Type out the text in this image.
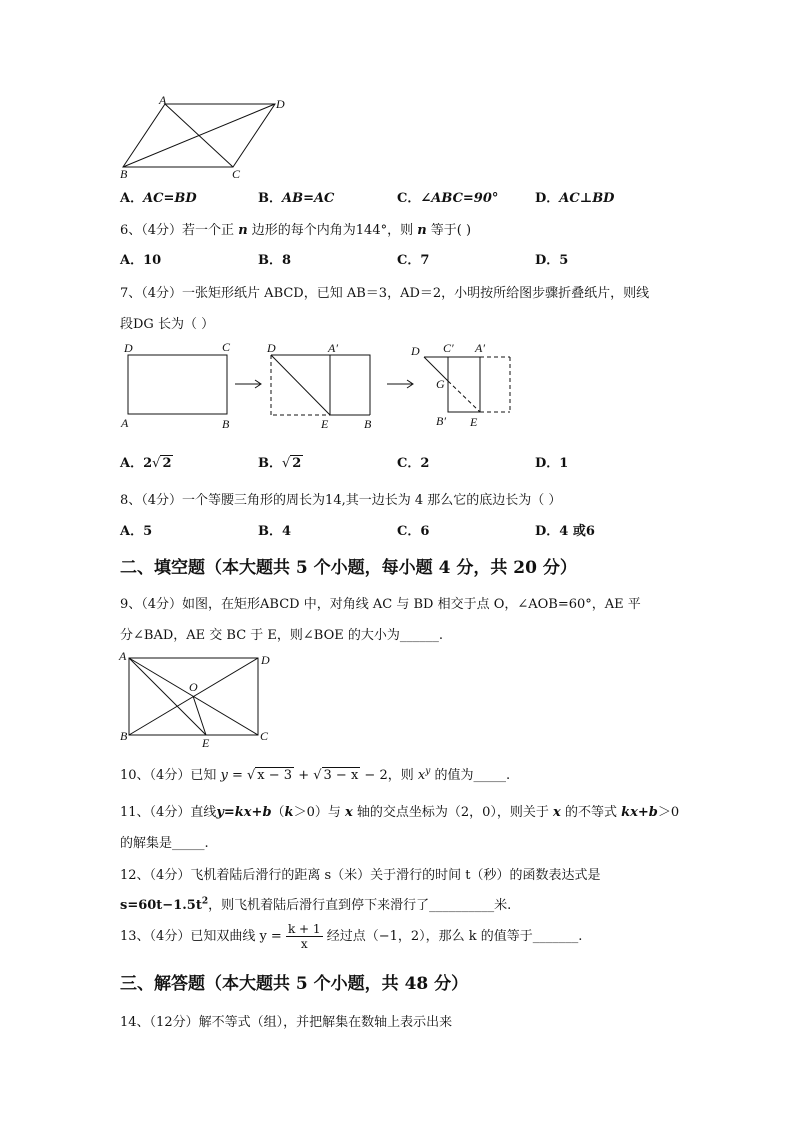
A	D
B	C
A．AC=BD	B．AB=AC	C．∠ABC=90°	D．AC⊥BD
6、（4分）若一个正 n 边形的每个内角为144°，则 n 等于( )
A．10	B．8	C．7	D．5
7、（4分）一张矩形纸片 ABCD，已知 AB＝3，AD＝2，小明按所给图步骤折叠纸片，则线
段DG 长为（ ）
D	C
A	B
D	A′
E	B
D C′ A′
G
B′ E
A．2√ 2	B．√ 2	C．2	D．1
8、（4分）一个等腰三角形的周长为14,其一边长为 4 那么它的底边长为（ ）
A．5	B．4	C．6	D．4 或6
二、填空题（本大题共 5 个小题，每小题 4 分，共 20 分）
9、（4分）如图，在矩形ABCD 中，对角线 AC 与 BD 相交于点 O，∠AOB=60°，AE 平
分∠BAD，AE 交 BC 于 E，则∠BOE 的大小为______.
A	D
O
B	E	C
10、（4分）已知 y = √ x − 3 + √ 3 − x − 2，则 $x^y$ 的值为_____.
11、（4分）直线y=kx+b（k＞0）与 x 轴的交点坐标为（2，0），则关于 x 的不等式 kx+b＞0
的解集是_____.
12、（4分）飞机着陆后滑行的距离 s（米）关于滑行的时间 t（秒）的函数表达式是
$s=60t-1.5t^2$，则飞机着陆后滑行直到停下来滑行了__________米.
13、（4分）已知双曲线 $y = \frac{k + 1}{x}$ 经过点（−1，2），那么 k 的值等于_______.
三、解答题（本大题共 5 个小题，共 48 分）
14、（12分）解不等式（组），并把解集在数轴上表示出来
